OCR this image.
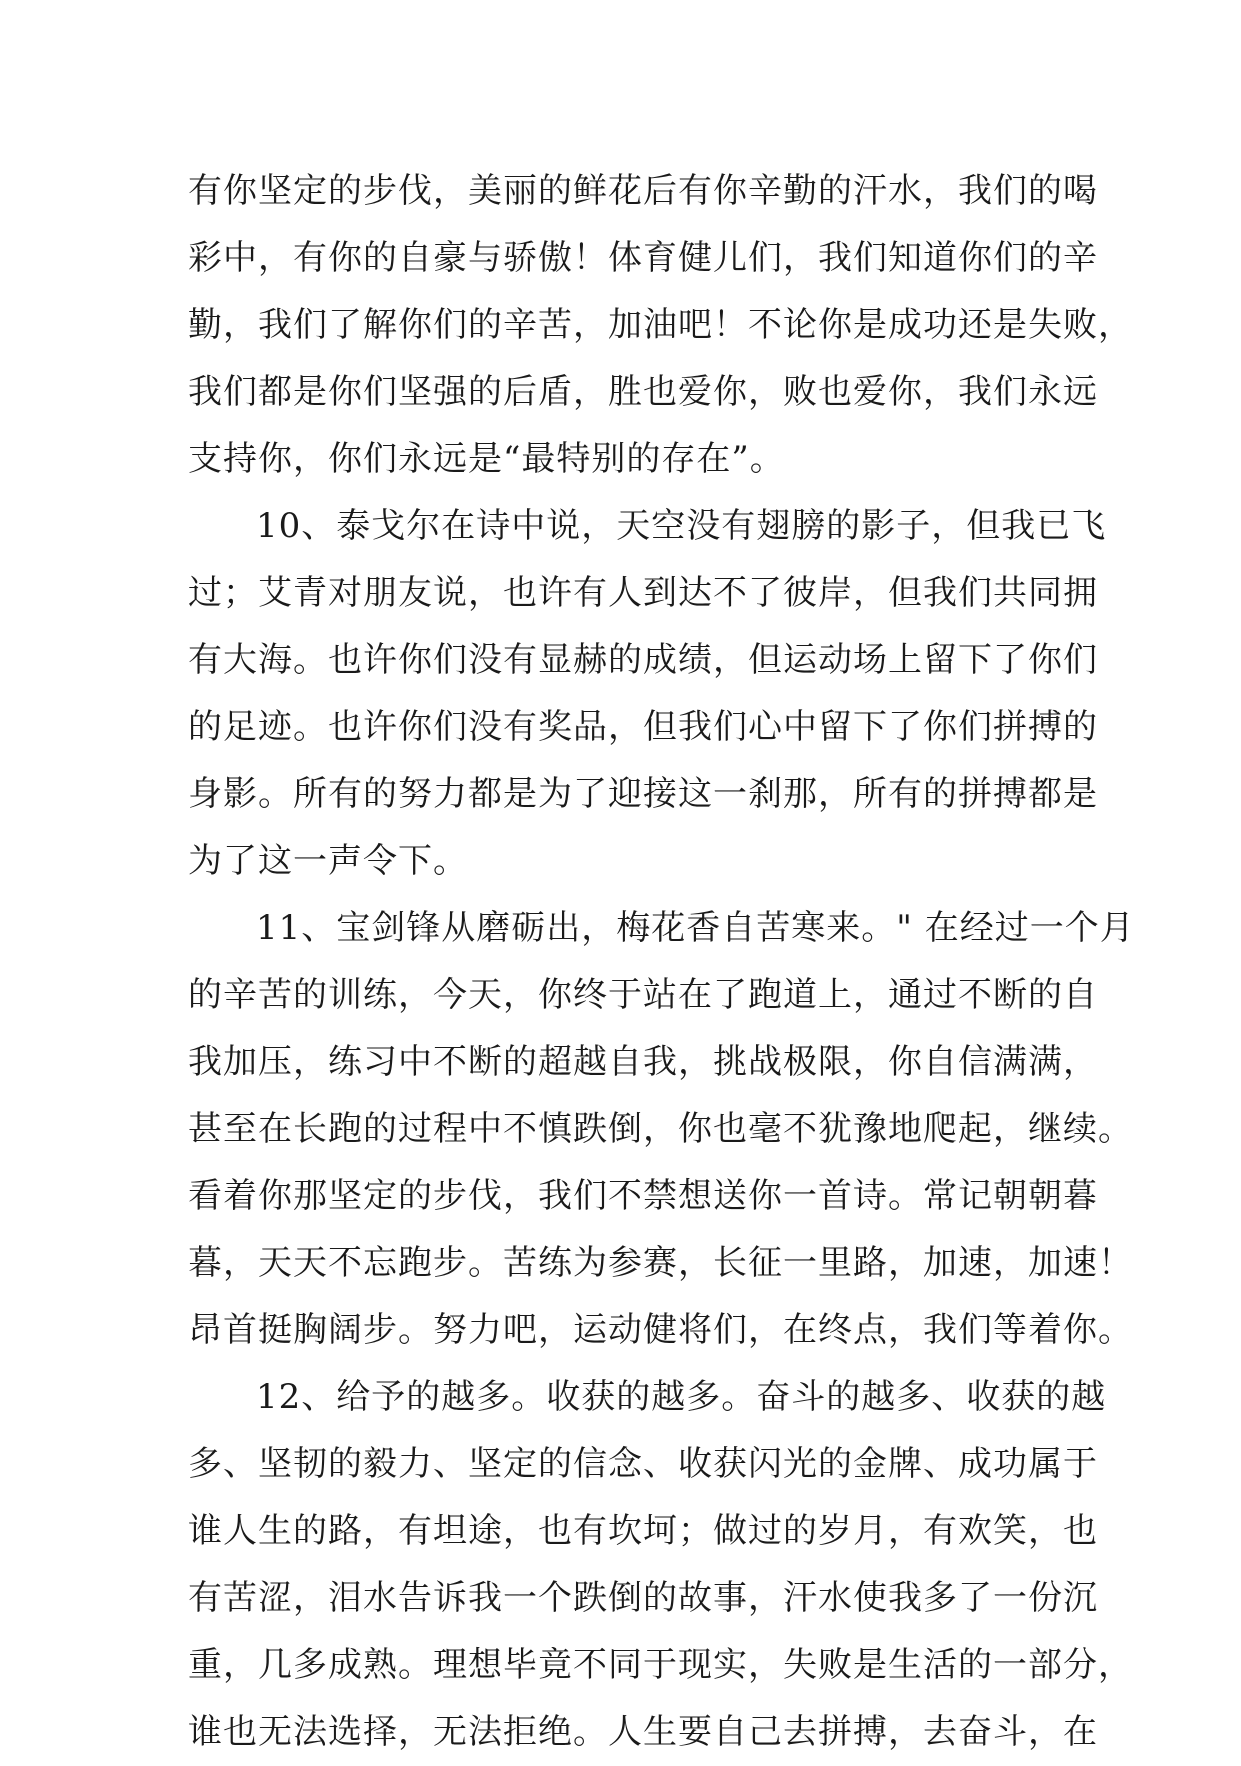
有你坚定的步伐，美丽的鲜花后有你辛勤的汗水，我们的喝
彩中，有你的自豪与骄傲！体育健儿们，我们知道你们的辛
勤，我们了解你们的辛苦，加油吧！不论你是成功还是失败，
我们都是你们坚强的后盾，胜也爱你，败也爱你，我们永远
支持你，你们永远是“最特别的存在”。
10、泰戈尔在诗中说，天空没有翅膀的影子，但我已飞
过；艾青对朋友说，也许有人到达不了彼岸，但我们共同拥
有大海。也许你们没有显赫的成绩，但运动场上留下了你们
的足迹。也许你们没有奖品，但我们心中留下了你们拼搏的
身影。所有的努力都是为了迎接这一刹那，所有的拼搏都是
为了这一声令下。
11、宝剑锋从磨砺出，梅花香自苦寒来。" 在经过一个月
的辛苦的训练，今天，你终于站在了跑道上，通过不断的自
我加压，练习中不断的超越自我，挑战极限，你自信满满，
甚至在长跑的过程中不慎跌倒，你也毫不犹豫地爬起，继续。
看着你那坚定的步伐，我们不禁想送你一首诗。常记朝朝暮
暮，天天不忘跑步。苦练为参赛，长征一里路，加速，加速！
昂首挺胸阔步。努力吧，运动健将们，在终点，我们等着你。
12、给予的越多。收获的越多。奋斗的越多、收获的越
多、坚韧的毅力、坚定的信念、收获闪光的金牌、成功属于
谁人生的路，有坦途，也有坎坷；做过的岁月，有欢笑，也
有苦涩，泪水告诉我一个跌倒的故事，汗水使我多了一份沉
重，几多成熟。理想毕竟不同于现实，失败是生活的一部分，
谁也无法选择，无法拒绝。人生要自己去拼搏，去奋斗，在
